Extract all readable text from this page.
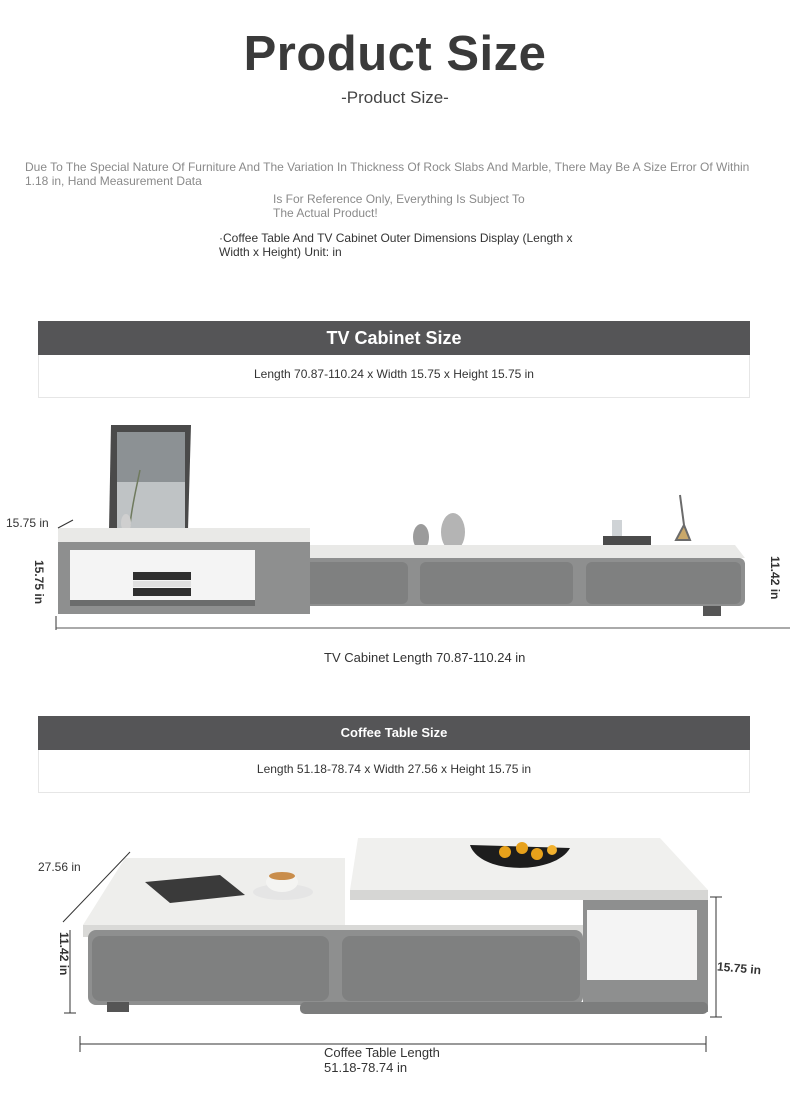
Product Size
-Product Size-
Due To The Special Nature Of Furniture And The Variation In Thickness Of Rock Slabs And Marble, There May Be A Size Error Of Within 1.18 in, Hand Measurement Data
Is For Reference Only, Everything Is Subject To The Actual Product!
·Coffee Table And TV Cabinet Outer Dimensions Display (Length x Width x Height) Unit: in
TV Cabinet Size
Length 70.87-110.24 x Width 15.75 x Height 15.75 in
15.75 in
15.75 in	11.42 in
TV Cabinet Length 70.87-110.24 in
Coffee Table Size
Length 51.18-78.74 x Width 27.56 x Height 15.75 in
27.56 in
11.42 in	15.75 in
Coffee Table Length
51.18-78.74 in
